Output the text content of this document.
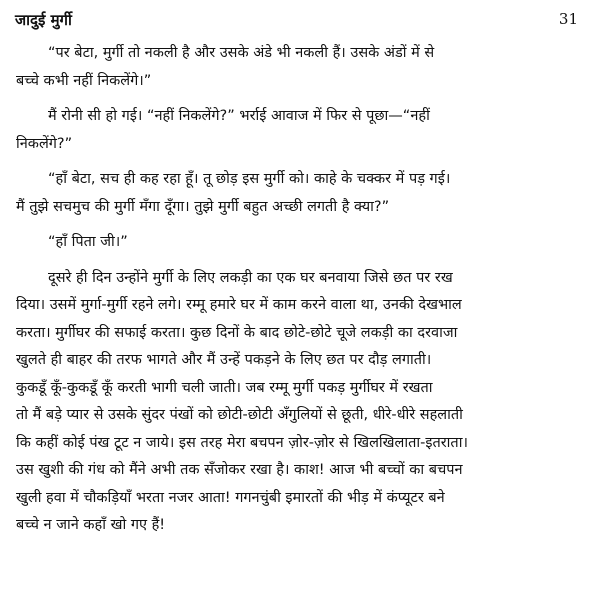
जादुई मुर्गी	31
“पर बेटा, मुर्गी तो नकली है और उसके अंडे भी नकली हैं। उसके अंडों में से
बच्चे कभी नहीं निकलेंगे।”
मैं रोनी सी हो गई। “नहीं निकलेंगे?” भर्राई आवाज में फिर से पूछा—“नहीं
निकलेंगे?”
“हाँ बेटा, सच ही कह रहा हूँ। तू छोड़ इस मुर्गी को। काहे के चक्कर में पड़ गई।
मैं तुझे सचमुच की मुर्गी मँगा दूँगा। तुझे मुर्गी बहुत अच्छी लगती है क्या?”
“हाँ पिता जी।”
दूसरे ही दिन उन्होंने मुर्गी के लिए लकड़ी का एक घर बनवाया जिसे छत पर रख
दिया। उसमें मुर्गा-मुर्गी रहने लगे। रम्मू हमारे घर में काम करने वाला था, उनकी देखभाल
करता। मुर्गीघर की सफाई करता। कुछ दिनों के बाद छोटे-छोटे चूजे लकड़ी का दरवाजा
खुलते ही बाहर की तरफ भागते और मैं उन्हें पकड़ने के लिए छत पर दौड़ लगाती।
कुकडूँ कूँ-कुकडूँ कूँ करती भागी चली जाती। जब रम्मू मुर्गी पकड़ मुर्गीघर में रखता
तो मैं बड़े प्यार से उसके सुंदर पंखों को छोटी-छोटी अँगुलियों से छूती, धीरे-धीरे सहलाती
कि कहीं कोई पंख टूट न जाये। इस तरह मेरा बचपन ज़ोर-ज़ोर से खिलखिलाता-इतराता।
उस खुशी की गंध को मैंने अभी तक सँजोकर रखा है। काश! आज भी बच्चों का बचपन
खुली हवा में चौकड़ियाँ भरता नजर आता! गगनचुंबी इमारतों की भीड़ में कंप्यूटर बने
बच्चे न जाने कहाँ खो गए हैं!
